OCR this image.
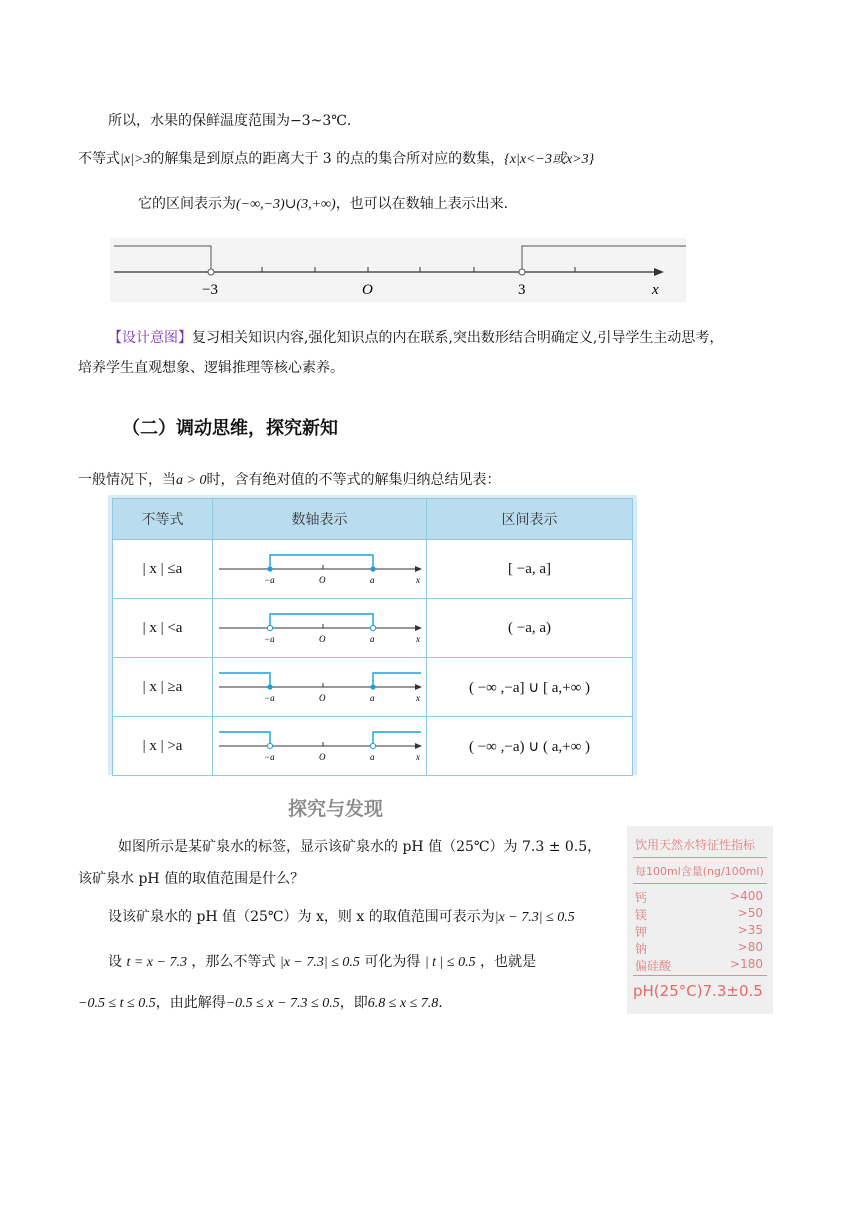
所以，水果的保鲜温度范围为−3~3℃.
不等式|x|>3的解集是到原点的距离大于 3 的点的集合所对应的数集，{x|x<−3或x>3}
它的区间表示为(−∞,−3)∪(3,+∞)，也可以在数轴上表示出来.
−3	O	3	x
【设计意图】复习相关知识内容,强化知识点的内在联系,突出数形结合明确定义,引导学生主动思考，
培养学生直观想象、逻辑推理等核心素养。
（二）调动思维，探究新知
一般情况下，当a > 0时，含有绝对值的不等式的解集归纳总结见表：
不等式	数轴表示	区间表示
| x | ≤a	−a O a x	[ −a, a]
| x | <a	−a O a x	( −a, a)
| x | ≥a	−a O a x	( −∞ ,−a] ∪ [ a,+∞ )
| x | >a	−a O a x	( −∞ ,−a) ∪ ( a,+∞ )
探究与发现
如图所示是某矿泉水的标签，显示该矿泉水的 pH 值（25℃）为 7.3 ± 0.5，
该矿泉水 pH 值的取值范围是什么？
设该矿泉水的 pH 值（25℃）为 x，则 x 的取值范围可表示为|x − 7.3| ≤ 0.5
设 t = x − 7.3 ，那么不等式 |x − 7.3| ≤ 0.5 可化为得 | t | ≤ 0.5 ，也就是
−0.5 ≤ t ≤ 0.5，由此解得−0.5 ≤ x − 7.3 ≤ 0.5，即6.8 ≤ x ≤ 7.8.
饮用天然水特征性指标
每100ml含量(ng/100ml)
钙	>400
镁	>50
钾	>35
钠	>80
偏硅酸	>180
pH(25°C)7.3±0.5
